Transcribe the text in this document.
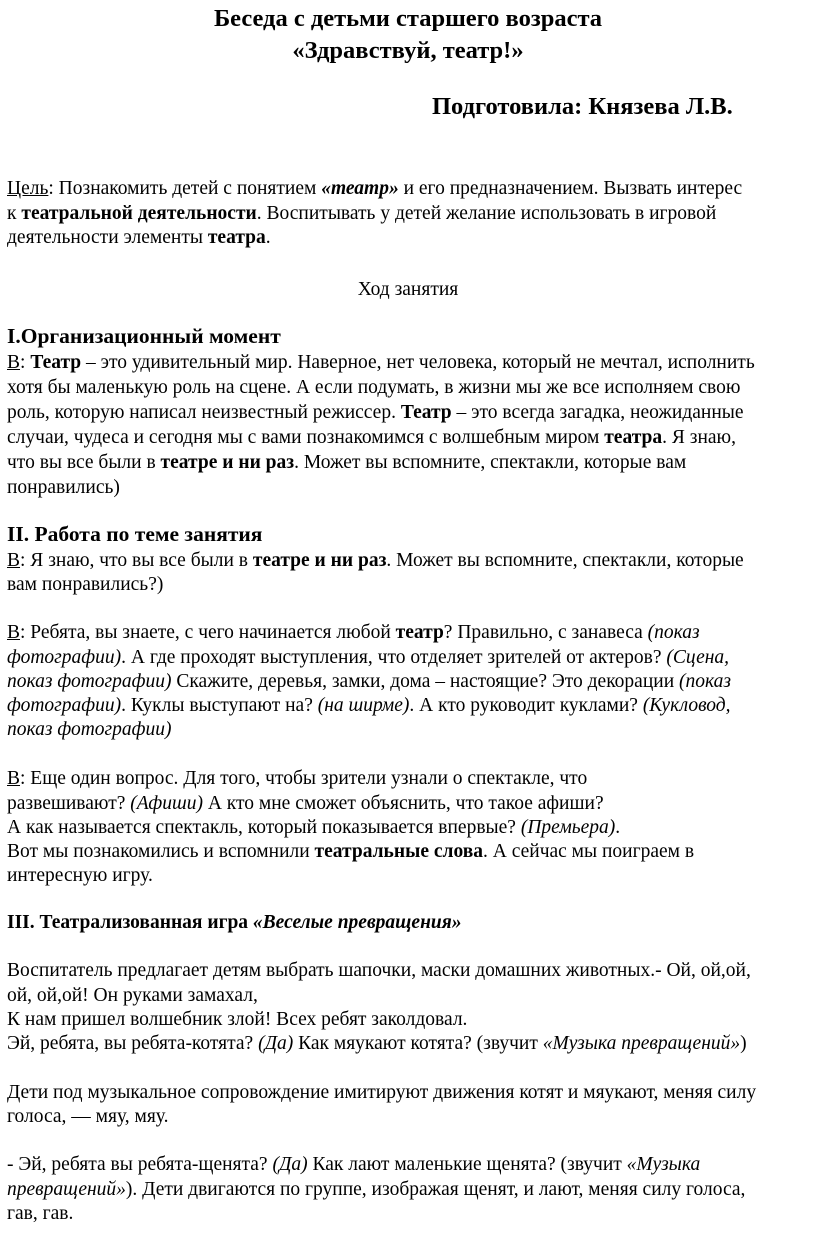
Беседа с детьми старшего возраста
«Здравствуй, театр!»
Подготовила: Князева Л.В.
Цель: Познакомить детей с понятием «театр» и его предназначением. Вызвать интерес
к театральной деятельности. Воспитывать у детей желание использовать в игровой
деятельности элементы театра.
Ход занятия
I.Организационный момент
В: Театр – это удивительный мир. Наверное, нет человека, который не мечтал, исполнить
хотя бы маленькую роль на сцене. А если подумать, в жизни мы же все исполняем свою
роль, которую написал неизвестный режиссер. Театр – это всегда загадка, неожиданные
случаи, чудеса и сегодня мы с вами познакомимся с волшебным миром театра. Я знаю,
что вы все были в театре и ни раз. Может вы вспомните, спектакли, которые вам
понравились)
II. Работа по теме занятия
В: Я знаю, что вы все были в театре и ни раз. Может вы вспомните, спектакли, которые
вам понравились?)
В: Ребята, вы знаете, с чего начинается любой театр? Правильно, с занавеса (показ
фотографии). А где проходят выступления, что отделяет зрителей от актеров? (Сцена,
показ фотографии) Скажите, деревья, замки, дома – настоящие? Это декорации (показ
фотографии). Куклы выступают на? (на ширме). А кто руководит куклами? (Кукловод,
показ фотографии)
В: Еще один вопрос. Для того, чтобы зрители узнали о спектакле, что
развешивают? (Афиши) А кто мне сможет объяснить, что такое афиши?
А как называется спектакль, который показывается впервые? (Премьера).
Вот мы познакомились и вспомнили театральные слова. А сейчас мы поиграем в
интересную игру.
III. Театрализованная игра «Веселые превращения»
Воспитатель предлагает детям выбрать шапочки, маски домашних животных.- Ой, ой,ой,
ой, ой,ой! Он руками замахал,
К нам пришел волшебник злой! Всех ребят заколдовал.
Эй, ребята, вы ребята-котята? (Да) Как мяукают котята? (звучит «Музыка превращений»)
Дети под музыкальное сопровождение имитируют движения котят и мяукают, меняя силу
голоса, — мяу, мяу.
- Эй, ребята вы ребята-щенята? (Да) Как лают маленькие щенята? (звучит «Музыка
превращений»). Дети двигаются по группе, изображая щенят, и лают, меняя силу голоса,
гав, гав.
